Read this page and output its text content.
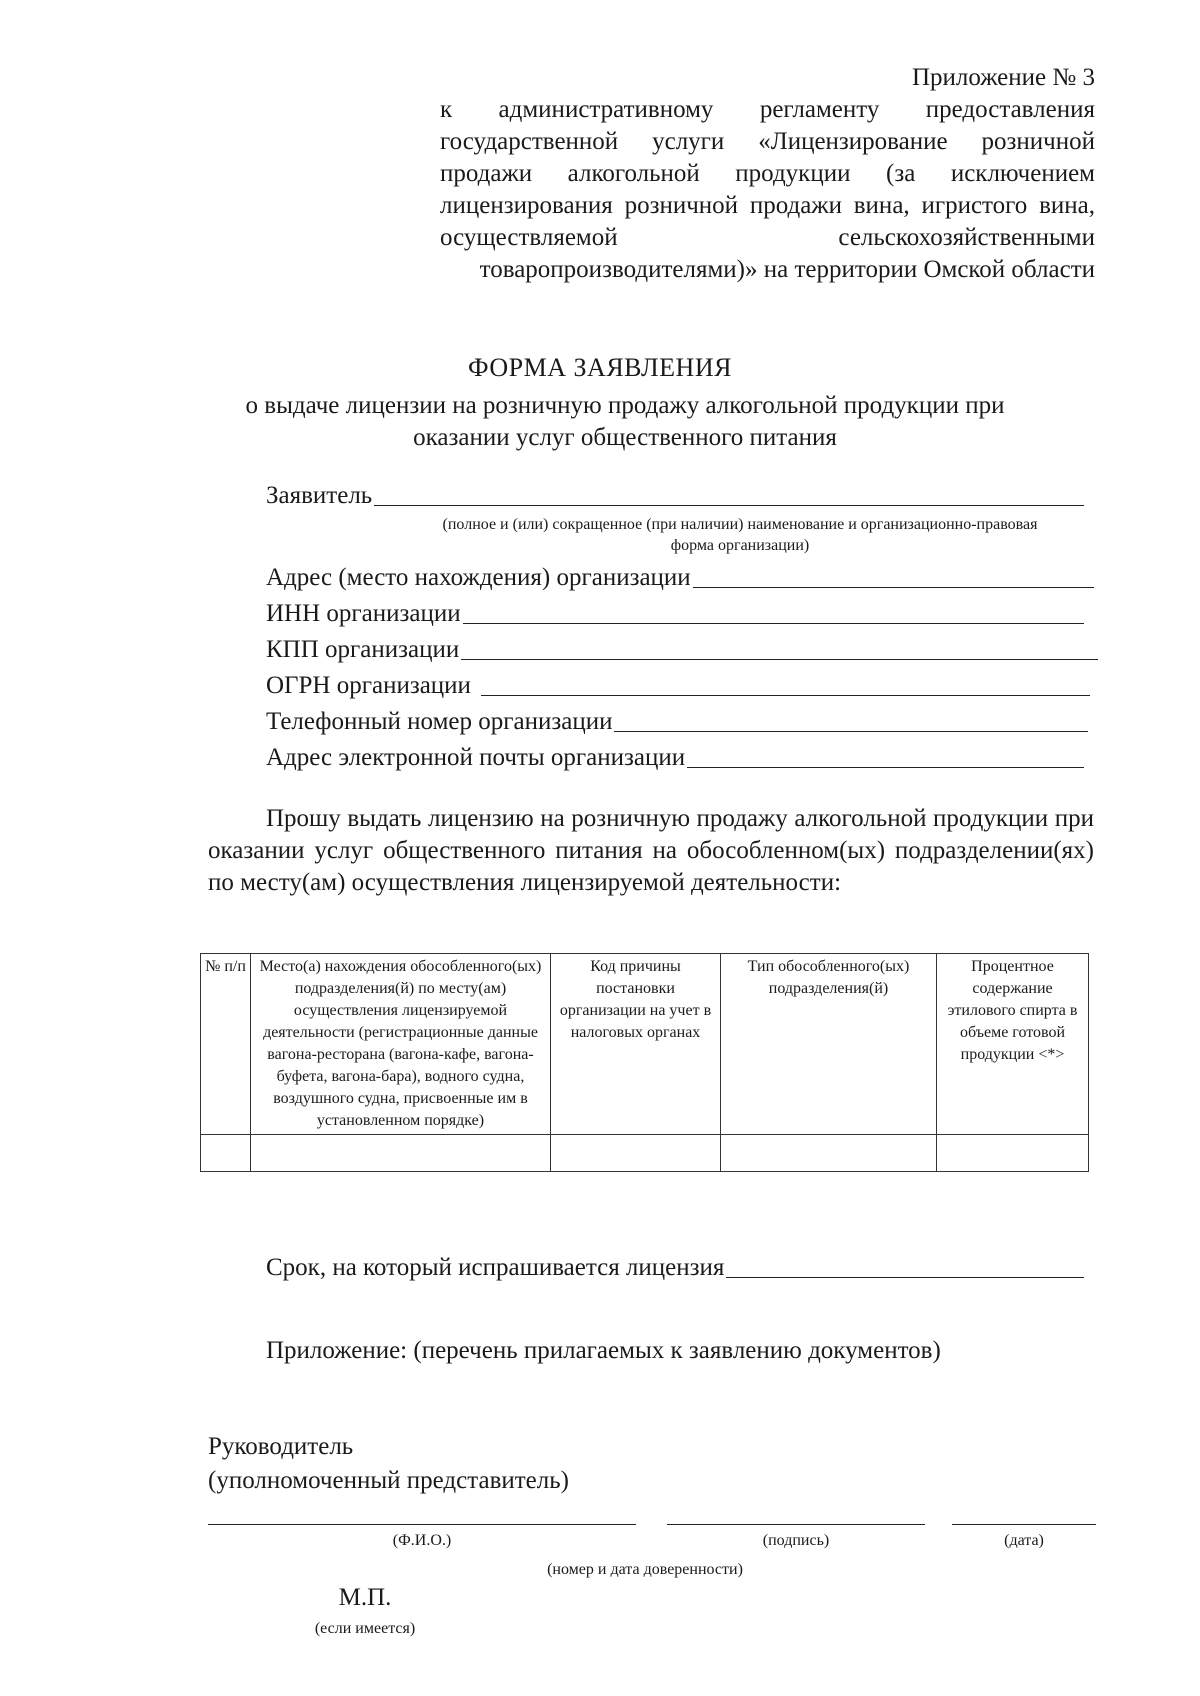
Приложение № 3
к административному регламенту предоставления государственной услуги «Лицензирование розничной продажи алкогольной продукции (за исключением лицензирования розничной продажи вина, игристого вина, осуществляемой сельскохозяйственными товаропроизводителями)» на территории Омской области
ФОРМА ЗАЯВЛЕНИЯ
о выдаче лицензии на розничную продажу алкогольной продукции при оказании услуг общественного питания
Заявитель
(полное и (или) сокращенное (при наличии) наименование и организационно-правовая форма организации)
Адрес (место нахождения) организации
ИНН организации
КПП организации
ОГРН организации
Телефонный номер организации
Адрес электронной почты организации
Прошу выдать лицензию на розничную продажу алкогольной продукции при оказании услуг общественного питания на обособленном(ых) подразделении(ях) по месту(ам) осуществления лицензируемой деятельности:
№ п/п	Место(а) нахождения обособленного(ых) подразделения(й) по месту(ам) осуществления лицензируемой деятельности (регистрационные данные вагона-ресторана (вагона-кафе, вагона-буфета, вагона-бара), водного судна, воздушного судна, присвоенные им в установленном порядке)	Код причины постановки организации на учет в налоговых органах	Тип обособленного(ых) подразделения(й)	Процентное содержание этилового спирта в объеме готовой продукции <*>

Срок, на который испрашивается лицензия
Приложение: (перечень прилагаемых к заявлению документов)
Руководитель
(уполномоченный представитель)
(Ф.И.О.)	(подпись)	(дата)
(номер и дата доверенности)
М.П.
(если имеется)
